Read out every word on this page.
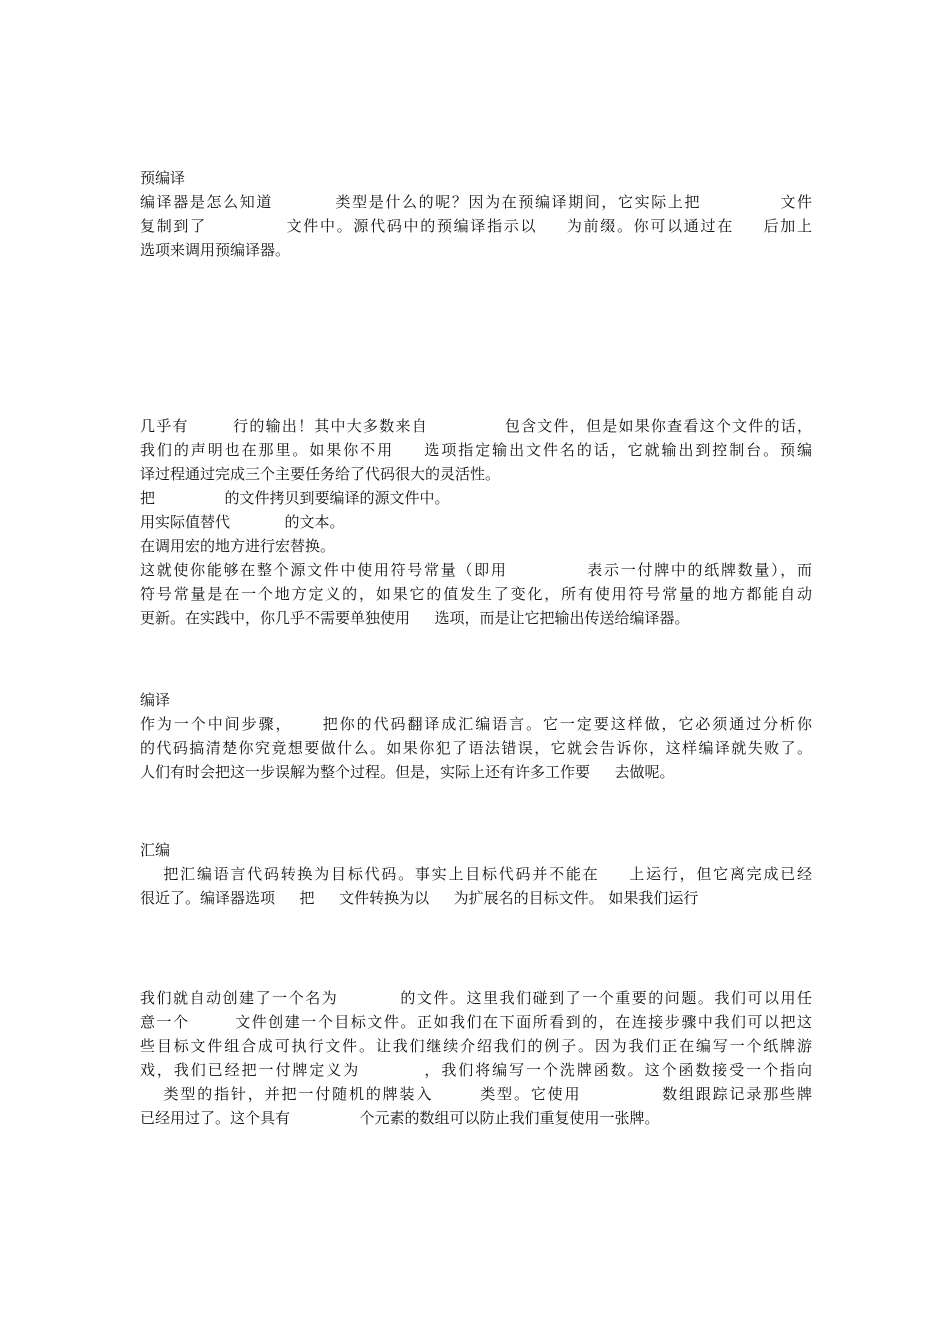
预编译
编译器是怎么知道 　　　 类型是什么的呢？因为在预编译期间，它实际上把 　　　　 文件
复制到了 　　　　 文件中。源代码中的预编译指示以 　 为前缀。你可以通过在 　 后加上
选项来调用预编译器。
几乎有 　　 行的输出！其中大多数来自 　　　　 包含文件，但是如果你查看这个文件的话，
我们的声明也在那里。如果你不用 　 选项指定输出文件名的话，它就输出到控制台。预编
译过程通过完成三个主要任务给了代码很大的灵活性。
把 　　　　 的文件拷贝到要编译的源文件中。
用实际值替代 　　　 的文本。
在调用宏的地方进行宏替换。
这就使你能够在整个源文件中使用符号常量（即用 　　　　 表示一付牌中的纸牌数量），而
符号常量是在一个地方定义的，如果它的值发生了变化，所有使用符号常量的地方都能自动
更新。在实践中，你几乎不需要单独使用 　 选项，而是让它把输出传送给编译器。
编译
作为一个中间步骤， 　 把你的代码翻译成汇编语言。它一定要这样做，它必须通过分析你
的代码搞清楚你究竟想要做什么。如果你犯了语法错误，它就会告诉你，这样编译就失败了。
人们有时会把这一步误解为整个过程。但是，实际上还有许多工作要 　 去做呢。
汇编
　 把汇编语言代码转换为目标代码。事实上目标代码并不能在 　 上运行，但它离完成已经
很近了。编译器选项 　 把 　 文件转换为以 　 为扩展名的目标文件。 如果我们运行
我们就自动创建了一个名为 　　　 的文件。这里我们碰到了一个重要的问题。我们可以用任
意一个 　　 文件创建一个目标文件。正如我们在下面所看到的，在连接步骤中我们可以把这
些目标文件组合成可执行文件。让我们继续介绍我们的例子。因为我们正在编写一个纸牌游
戏，我们已经把一付牌定义为 　　　 ，我们将编写一个洗牌函数。这个函数接受一个指向
　 类型的指针，并把一付随机的牌装入 　　 类型。它使用 　　　　 数组跟踪记录那些牌
已经用过了。这个具有 　　　　 个元素的数组可以防止我们重复使用一张牌。
